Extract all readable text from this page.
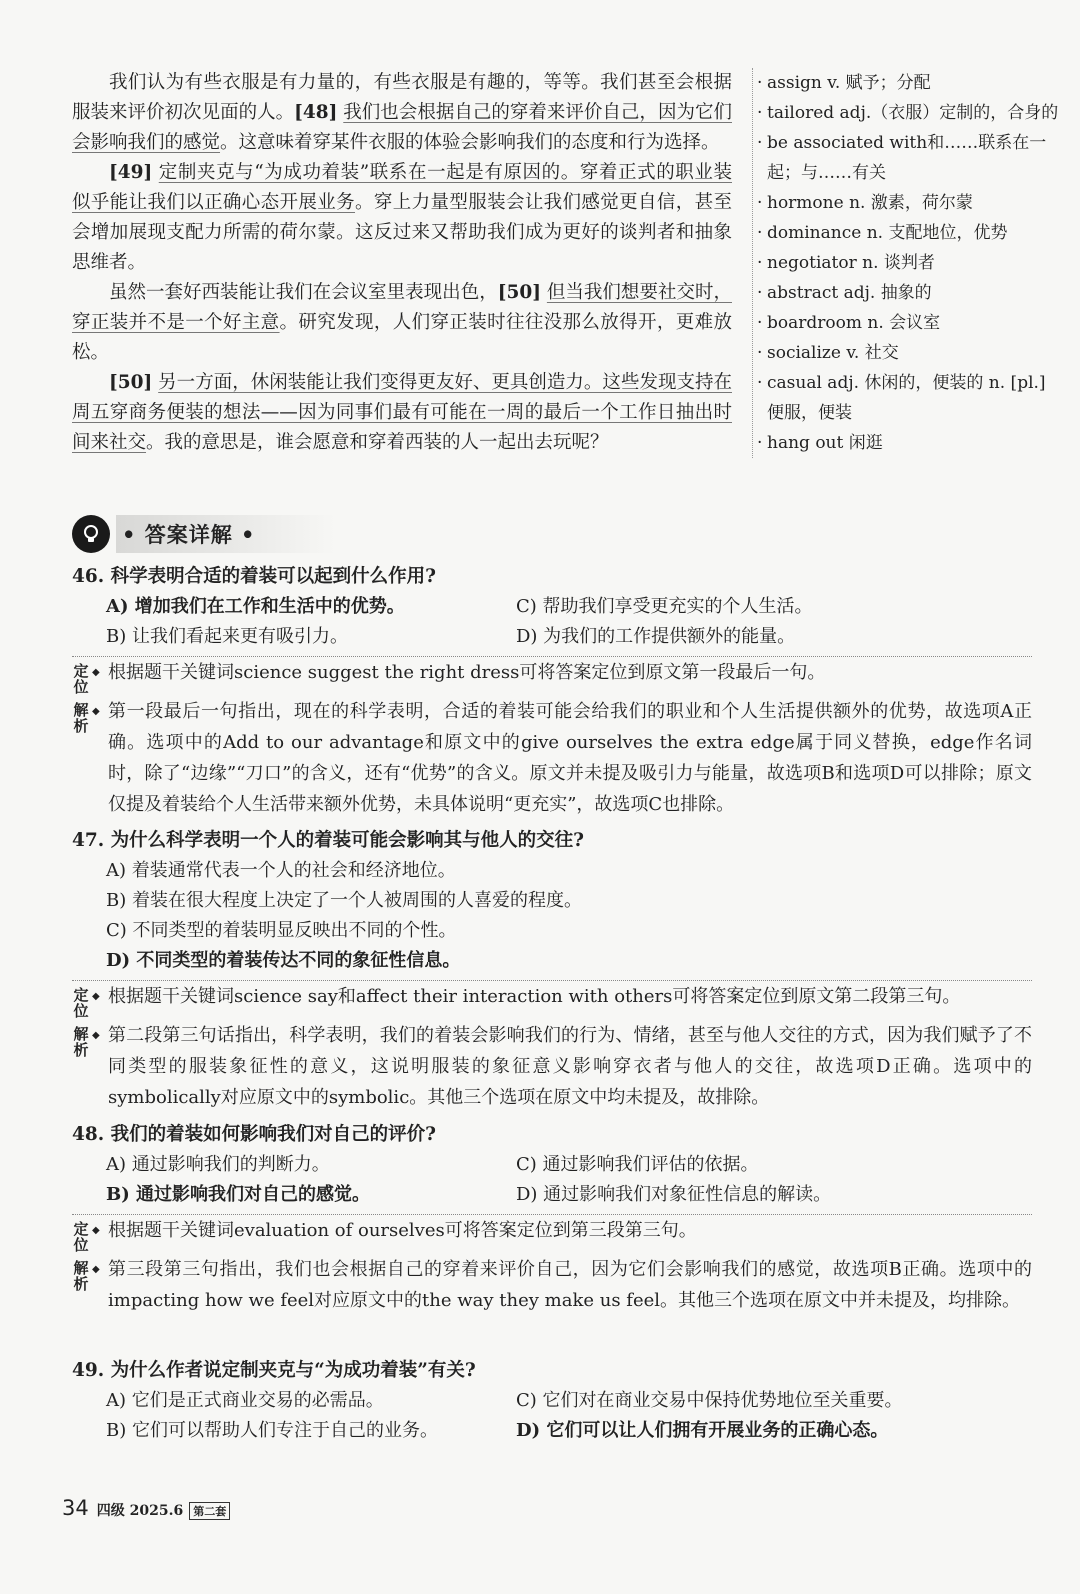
我们认为有些衣服是有力量的，有些衣服是有趣的，等等。我们甚至会根据服装来评价初次见面的人。[48] 我们也会根据自己的穿着来评价自己，因为它们会影响我们的感觉。这意味着穿某件衣服的体验会影响我们的态度和行为选择。

[49] 定制夹克与“为成功着装”联系在一起是有原因的。穿着正式的职业装似乎能让我们以正确心态开展业务。穿上力量型服装会让我们感觉更自信，甚至会增加展现支配力所需的荷尔蒙。这反过来又帮助我们成为更好的谈判者和抽象思维者。

虽然一套好西装能让我们在会议室里表现出色，[50] 但当我们想要社交时，穿正装并不是一个好主意。研究发现，人们穿正装时往往没那么放得开，更难放松。

[50] 另一方面，休闲装能让我们变得更友好、更具创造力。这些发现支持在周五穿商务便装的想法——因为同事们最有可能在一周的最后一个工作日抽出时间来社交。我的意思是，谁会愿意和穿着西装的人一起出去玩呢？

· assign v. 赋予；分配
· tailored adj.（衣服）定制的，合身的
· be associated with和……联系在一起；与……有关
· hormone n. 激素，荷尔蒙
· dominance n. 支配地位，优势
· negotiator n. 谈判者
· abstract adj. 抽象的
· boardroom n. 会议室
· socialize v. 社交
· casual adj. 休闲的，便装的 n. [pl.] 便服，便装
· hang out 闲逛
• 答案详解 •
46. 科学表明合适的着装可以起到什么作用?
A) 增加我们在工作和生活中的优势。	C) 帮助我们享受更充实的个人生活。
B) 让我们看起来更有吸引力。	D) 为我们的工作提供额外的能量。
定位
◆ 根据题干关键词science suggest the right dress可将答案定位到原文第一段最后一句。
解析
◆ 第一段最后一句指出，现在的科学表明，合适的着装可能会给我们的职业和个人生活提供额外的优势，故选项A正确。选项中的Add to our advantage和原文中的give ourselves the extra edge属于同义替换，edge作名词时，除了“边缘”“刀口”的含义，还有“优势”的含义。原文并未提及吸引力与能量，故选项B和选项D可以排除；原文仅提及着装给个人生活带来额外优势，未具体说明“更充实”，故选项C也排除。
47. 为什么科学表明一个人的着装可能会影响其与他人的交往?
A) 着装通常代表一个人的社会和经济地位。
B) 着装在很大程度上决定了一个人被周围的人喜爱的程度。
C) 不同类型的着装明显反映出不同的个性。
D) 不同类型的着装传达不同的象征性信息。
定位
◆ 根据题干关键词science say和affect their interaction with others可将答案定位到原文第二段第三句。
解析
◆ 第二段第三句话指出，科学表明，我们的着装会影响我们的行为、情绪，甚至与他人交往的方式，因为我们赋予了不同类型的服装象征性的意义，这说明服装的象征意义影响穿衣者与他人的交往，故选项D正确。选项中的symbolically对应原文中的symbolic。其他三个选项在原文中均未提及，故排除。
48. 我们的着装如何影响我们对自己的评价?
A) 通过影响我们的判断力。	C) 通过影响我们评估的依据。
B) 通过影响我们对自己的感觉。	D) 通过影响我们对象征性信息的解读。
定位
◆ 根据题干关键词evaluation of ourselves可将答案定位到第三段第三句。
解析
◆ 第三段第三句指出，我们也会根据自己的穿着来评价自己，因为它们会影响我们的感觉，故选项B正确。选项中的impacting how we feel对应原文中的the way they make us feel。其他三个选项在原文中并未提及，均排除。
49. 为什么作者说定制夹克与“为成功着装”有关?
A) 它们是正式商业交易的必需品。	C) 它们对在商业交易中保持优势地位至关重要。
B) 它们可以帮助人们专注于自己的业务。	D) 它们可以让人们拥有开展业务的正确心态。
34 四级 2025.6 第二套
